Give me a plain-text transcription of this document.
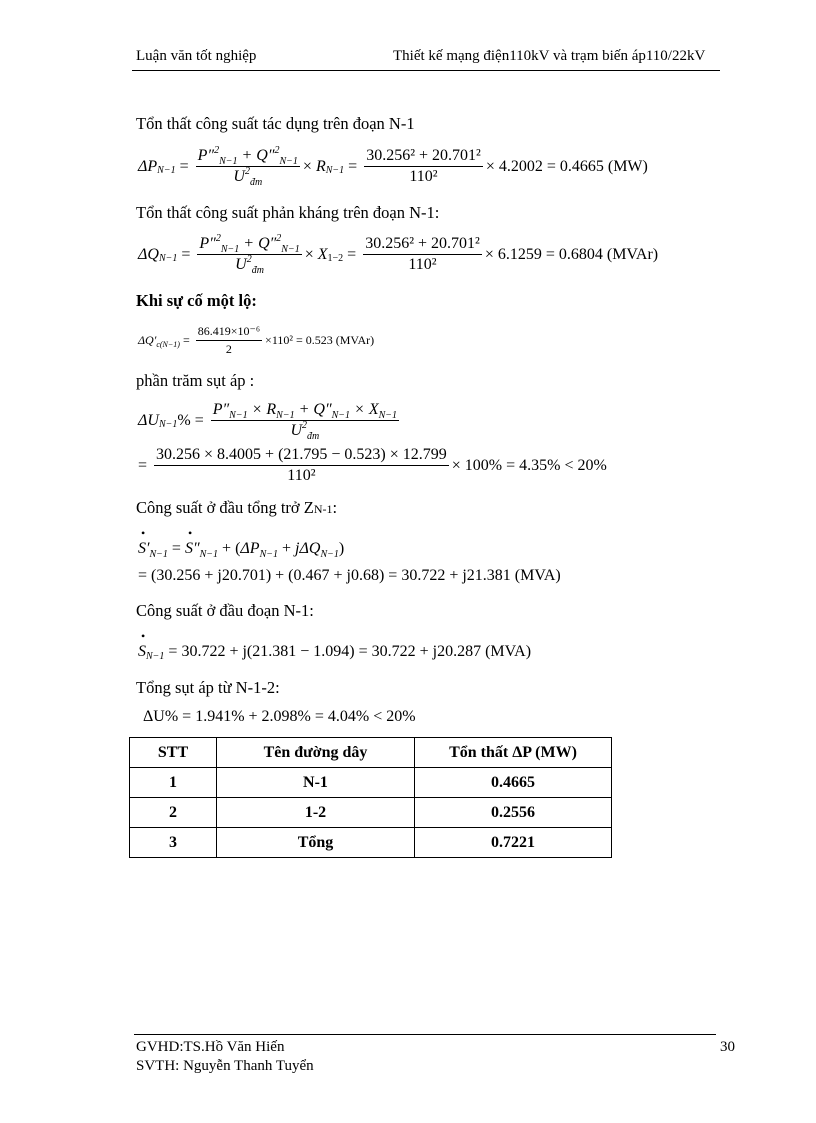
Luận văn tốt nghiệp	Thiết kế mạng điện110kV và trạm biến áp110/22kV
Tổn thất công suất tác dụng trên đoạn N-1
ΔP $N-1 = \frac{P''^2_{N-1} + Q''^2_{N-1}}{U^2_{đm}} \times R$ $N-1 = \frac{\text{30.256² + 20.701²}}{\text{110²}} \times 4.2002 = 0.4665$ (MW)
Tổn thất công suất phản kháng trên đoạn N-1:
ΔQ $N-1 = \frac{P''^2_{N-1} + Q''^2_{N-1}}{U^2_{đm}} \times X$ $1-2 = \frac{\text{30.256² + 20.701²}}{\text{110²}} \times 6.1259 = 0.6804$ (MVAr)
Khi sự cố một lộ:
ΔQ′ $c(N-1) = \frac{\text{86.419×10⁻⁶}}{2} \times 110^2 = 0.523$ (MVAr)
phần trăm sụt áp :
ΔU N−1 % = $\frac{P''_{N-1} \times R_{N-1} + Q''_{N-1} \times X_{N-1}}{U^2_{đm}}$
= $\frac{30.256 \times 8.4005 + (21.795 - 0.523) \times 12.799}{\text{110²}} \times 100\% = 4.35\% < 20\%$
Công suất ở đầu tổng trở ZN-1:
• $S'_{N-1}$ = • $S''_{N-1} + (\Delta P_{N-1} + j\Delta Q_{N-1})$
= (30.256 + j20.701) + (0.467 + j0.68) = 30.722 + j21.381 (MVA)
Công suất ở đầu đoạn N-1:
• S N−1
= 30.722 + j(21.381 − 1.094) = 30.722 + j20.287 (MVA)
Tổng sụt áp từ N-1-2:
ΔU% = 1.941% + 2.098% = 4.04% < 20%
STT	Tên đường dây	Tổn thất ΔP (MW)
1	N-1	0.4665
2	1-2	0.2556
3	Tổng	0.7221
GVHD:TS.Hồ Văn Hiến
SVTH: Nguyễn Thanh Tuyển
30
